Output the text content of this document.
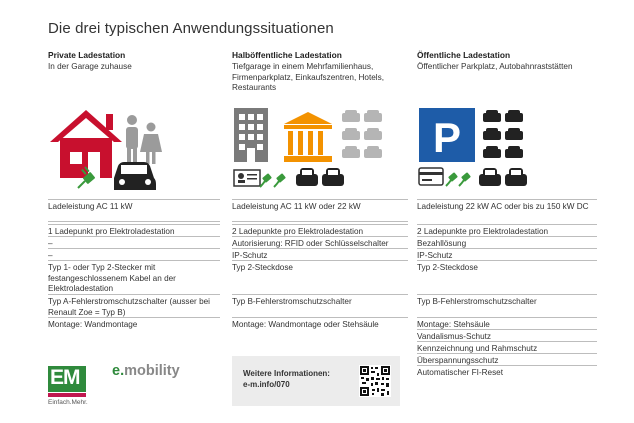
Die drei typischen Anwendungssituationen
Private Ladestation
In der Garage zuhause
Halböffentliche Ladestation
Tiefgarage in einem Mehrfamilienhaus, Firmenparkplatz, Einkaufszentren, Hotels, Restaurants
Öffentliche Ladestation
Öffentlicher Parkplatz, Autobahnraststätten
P
Ladeleistung AC 11 kW
1 Ladepunkt pro Elektroladestation
–
–
Typ 1- oder Typ 2-Stecker mit festangeschlossenem Kabel an der Elektroladestation
Typ A-Fehlerstromschutzschalter (ausser bei Renault Zoe = Typ B)
Montage: Wandmontage
Ladeleistung AC 11 kW oder 22 kW
2 Ladepunkte pro Elektroladestation
Autorisierung: RFID oder Schlüsselschalter
IP-Schutz
Typ 2-Steckdose
Typ B-Fehlerstromschutzschalter
Montage: Wandmontage oder Stehsäule
Ladeleistung 22 kW AC oder bis zu 150 kW DC
2 Ladepunkte pro Elektroladestation
Bezahllösung
IP-Schutz
Typ 2-Steckdose
Typ B-Fehlerstromschutzschalter
Montage: Stehsäule
Vandalismus-Schutz
Kennzeichnung und Rahmschutz
Überspannungsschutz
Automatischer FI-Reset
EM
Einfach.Mehr.
e.mobility	Weitere Informationen:
e-m.info/070
